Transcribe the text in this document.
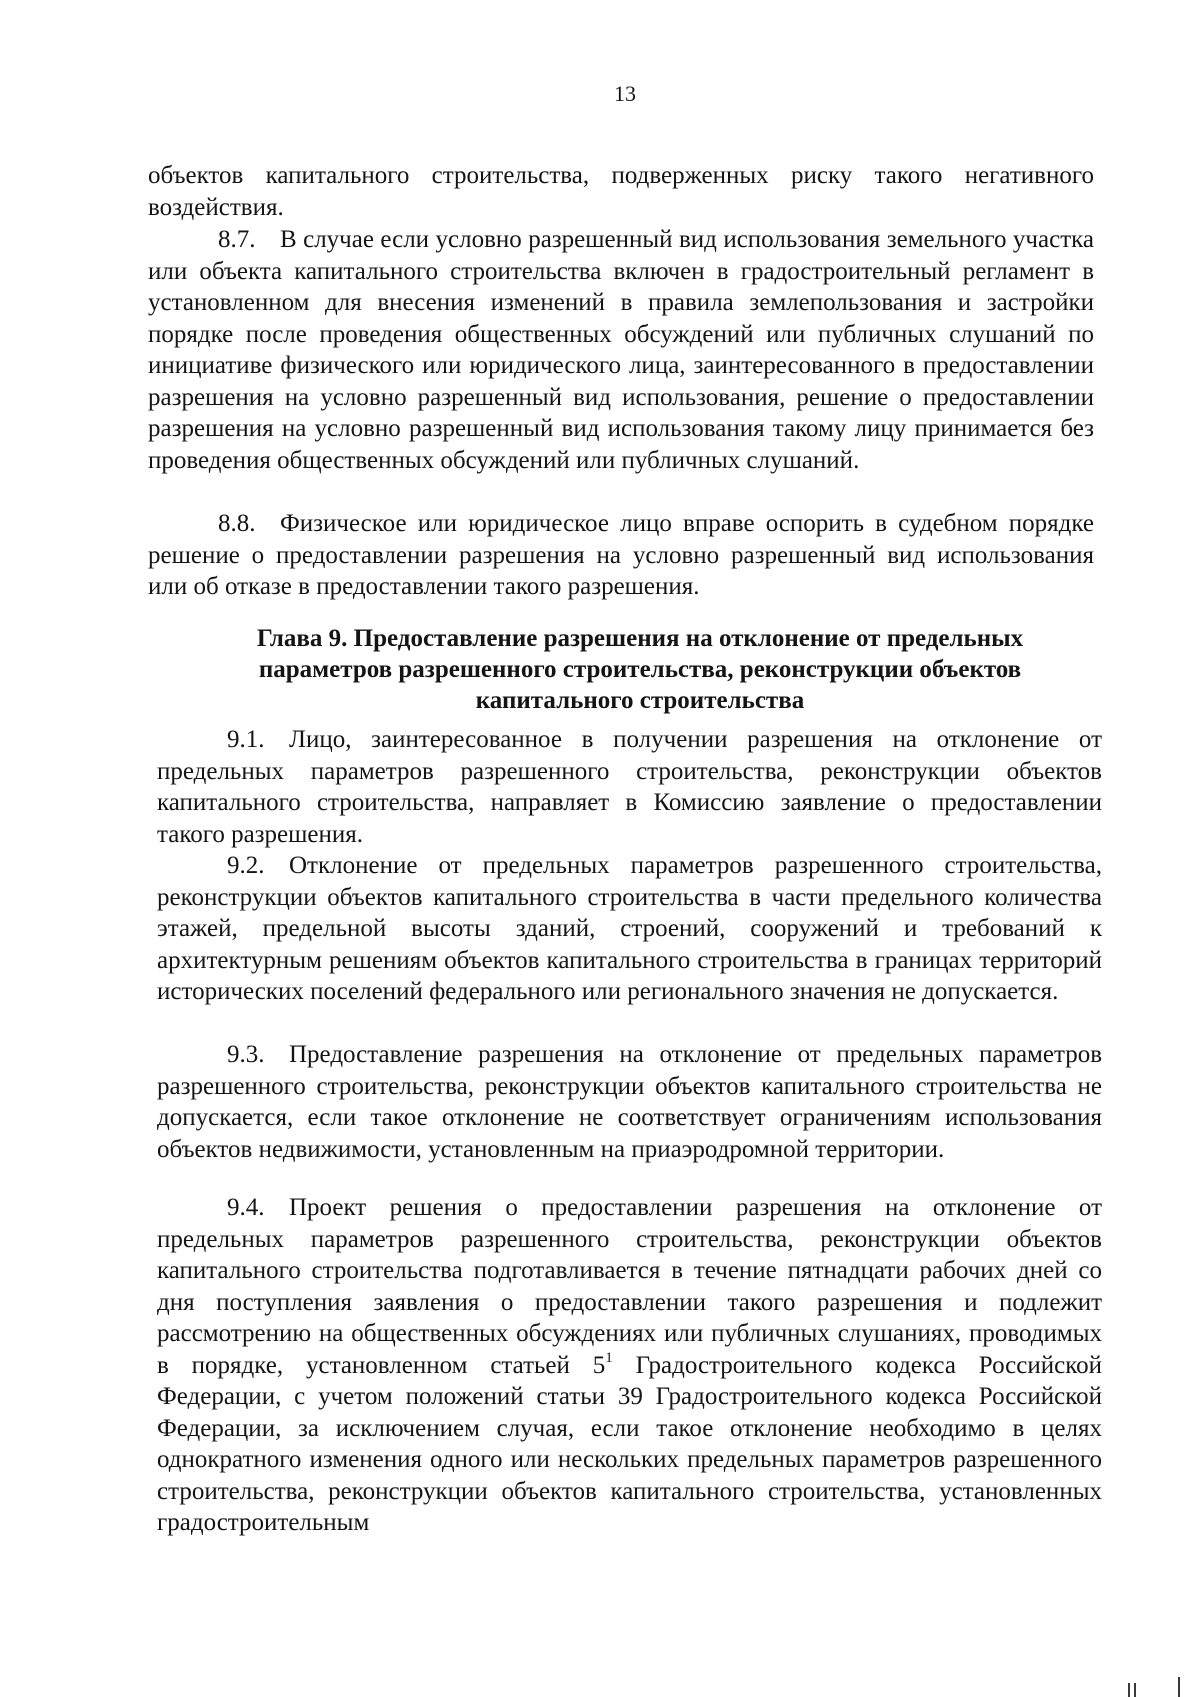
13

объектов капитального строительства, подверженных риску такого негативного воздействия.

8.7. В случае если условно разрешенный вид использования земельного участка или объекта капитального строительства включен в градостроительный регламент в установленном для внесения изменений в правила землепользования и застройки порядке после проведения общественных обсуждений или публичных слушаний по инициативе физического или юридического лица, заинтересованного в предоставлении разрешения на условно разрешенный вид использования, решение о предоставлении разрешения на условно разрешенный вид использования такому лицу принимается без проведения общественных обсуждений или публичных слушаний.

8.8. Физическое или юридическое лицо вправе оспорить в судебном порядке решение о предоставлении разрешения на условно разрешенный вид использования или об отказе в предоставлении такого разрешения.

Глава 9. Предоставление разрешения на отклонение от предельных параметров разрешенного строительства, реконструкции объектов капитального строительства

9.1. Лицо, заинтересованное в получении разрешения на отклонение от предельных параметров разрешенного строительства, реконструкции объектов капитального строительства, направляет в Комиссию заявление о предоставлении такого разрешения.

9.2. Отклонение от предельных параметров разрешенного строительства, реконструкции объектов капитального строительства в части предельного количества этажей, предельной высоты зданий, строений, сооружений и требований к архитектурным решениям объектов капитального строительства в границах территорий исторических поселений федерального или регионального значения не допускается.

9.3. Предоставление разрешения на отклонение от предельных параметров разрешенного строительства, реконструкции объектов капитального строительства не допускается, если такое отклонение не соответствует ограничениям использования объектов недвижимости, установленным на приаэродромной территории.

9.4. Проект решения о предоставлении разрешения на отклонение от предельных параметров разрешенного строительства, реконструкции объектов капитального строительства подготавливается в течение пятнадцати рабочих дней со дня поступления заявления о предоставлении такого разрешения и подлежит рассмотрению на общественных обсуждениях или публичных слушаниях, проводимых в порядке, установленном статьей $5^1$ Градостроительного кодекса Российской Федерации, с учетом положений статьи 39 Градостроительного кодекса Российской Федерации, за исключением случая, если такое отклонение необходимо в целях однократного изменения одного или нескольких предельных параметров разрешенного строительства, реконструкции объектов капитального строительства, установленных градостроительным
